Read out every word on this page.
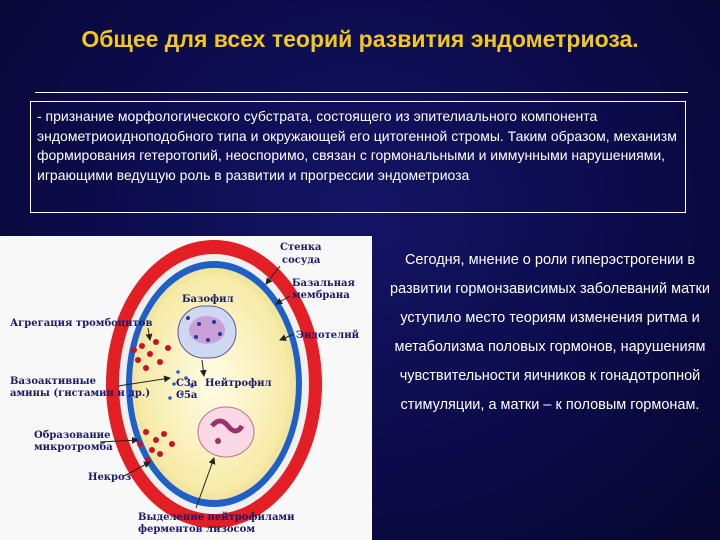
Общее для всех теорий развития эндометриоза.
- признание морфологического субстрата, состоящего из эпителиального компонента эндометриоидноподобного типа и окружающей его цитогенной стромы. Таким образом, механизм формирования гетеротопий, неоспоримо, связан с гормональными и иммунными нарушениями, играющими ведущую роль в развитии и прогрессии эндометриоза
Стенка
сосуда
Базальная
мембрана
Базофил
Эндотелий
Агрегация тромбоцитов
Вазоактивные
амины (гистамин и др.)
C3a
C5a
Нейтрофил
Образование
микротромба
Некроз
Выделение нейтрофилами
ферментов лизосом
Сегодня, мнение о роли гиперэстрогении в развитии гормонзависимых заболеваний матки уступило место теориям изменения ритма и метаболизма половых гормонов, нарушениям чувствительности яичников к гонадотропной стимуляции, а матки – к половым гормонам.
